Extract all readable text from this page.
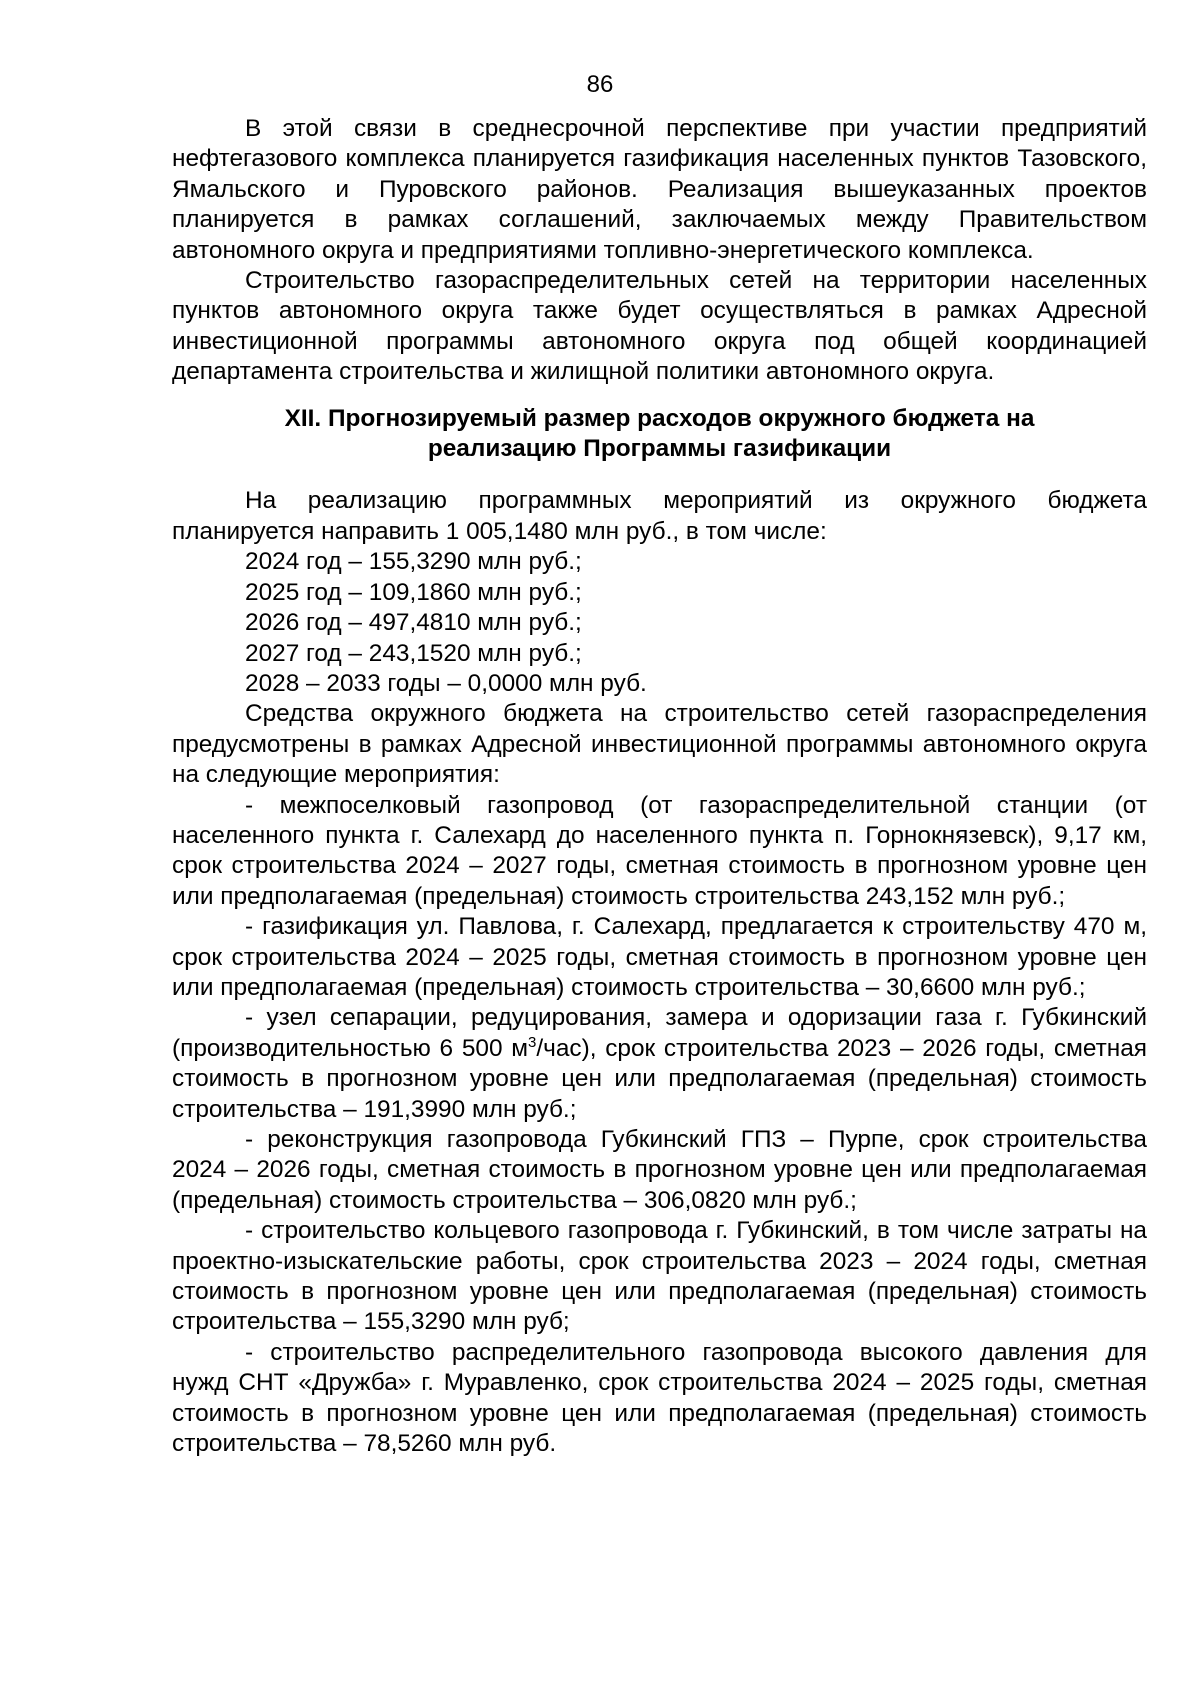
86

В этой связи в среднесрочной перспективе при участии предприятий нефтегазового комплекса планируется газификация населенных пунктов Тазовского, Ямальского и Пуровского районов. Реализация вышеуказанных проектов планируется в рамках соглашений, заключаемых между Правительством автономного округа и предприятиями топливно-энергетического комплекса.

Строительство газораспределительных сетей на территории населенных пунктов автономного округа также будет осуществляться в рамках Адресной инвестиционной программы автономного округа под общей координацией департамента строительства и жилищной политики автономного округа.

XII. Прогнозируемый размер расходов окружного бюджета на
реализацию Программы газификации

На реализацию программных мероприятий из окружного бюджета планируется направить 1 005,1480 млн руб., в том числе:

2024 год – 155,3290 млн руб.;

2025 год – 109,1860 млн руб.;

2026 год – 497,4810 млн руб.;

2027 год – 243,1520 млн руб.;

2028 – 2033 годы – 0,0000 млн руб.

Средства окружного бюджета на строительство сетей газораспределения предусмотрены в рамках Адресной инвестиционной программы автономного округа на следующие мероприятия:

- межпоселковый газопровод (от газораспределительной станции (от населенного пункта г. Салехард до населенного пункта п. Горнокнязевск), 9,17 км, срок строительства 2024 – 2027 годы, сметная стоимость в прогнозном уровне цен или предполагаемая (предельная) стоимость строительства 243,152 млн руб.;

- газификация ул. Павлова, г. Салехард, предлагается к строительству 470 м, срок строительства 2024 – 2025 годы, сметная стоимость в прогнозном уровне цен или предполагаемая (предельная) стоимость строительства – 30,6600 млн руб.;

- узел сепарации, редуцирования, замера и одоризации газа г. Губкинский (производительностью 6 500 $м^3/час$), срок строительства 2023 – 2026 годы, сметная стоимость в прогнозном уровне цен или предполагаемая (предельная) стоимость строительства – 191,3990 млн руб.;

- реконструкция газопровода Губкинский ГПЗ – Пурпе, срок строительства 2024 – 2026 годы, сметная стоимость в прогнозном уровне цен или предполагаемая (предельная) стоимость строительства – 306,0820 млн руб.;

- строительство кольцевого газопровода г. Губкинский, в том числе затраты на проектно-изыскательские работы, срок строительства 2023 – 2024 годы, сметная стоимость в прогнозном уровне цен или предполагаемая (предельная) стоимость строительства – 155,3290 млн руб;

- строительство распределительного газопровода высокого давления для нужд СНТ «Дружба» г. Муравленко, срок строительства 2024 – 2025 годы, сметная стоимость в прогнозном уровне цен или предполагаемая (предельная) стоимость строительства – 78,5260 млн руб.
